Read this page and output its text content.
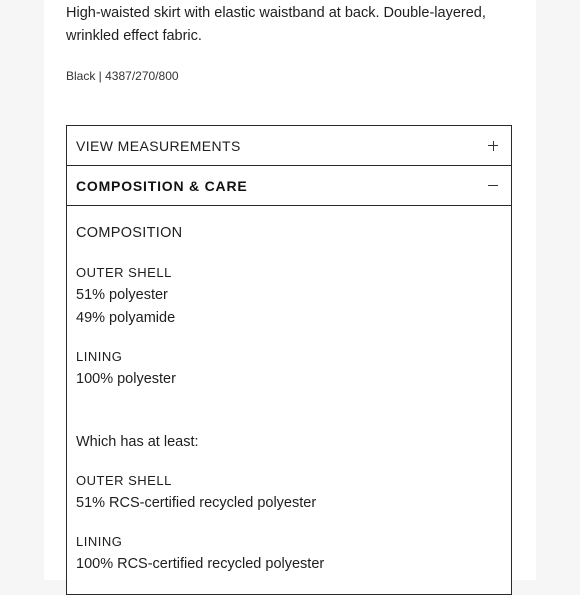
High-waisted skirt with elastic waistband at back. Double-layered, wrinkled effect fabric.

Black | 4387/270/800

VIEW MEASUREMENTS
COMPOSITION & CARE

COMPOSITION

OUTER SHELL

51% polyester

49% polyamide

LINING

100% polyester

Which has at least:

OUTER SHELL

51% RCS-certified recycled polyester

LINING

100% RCS-certified recycled polyester
